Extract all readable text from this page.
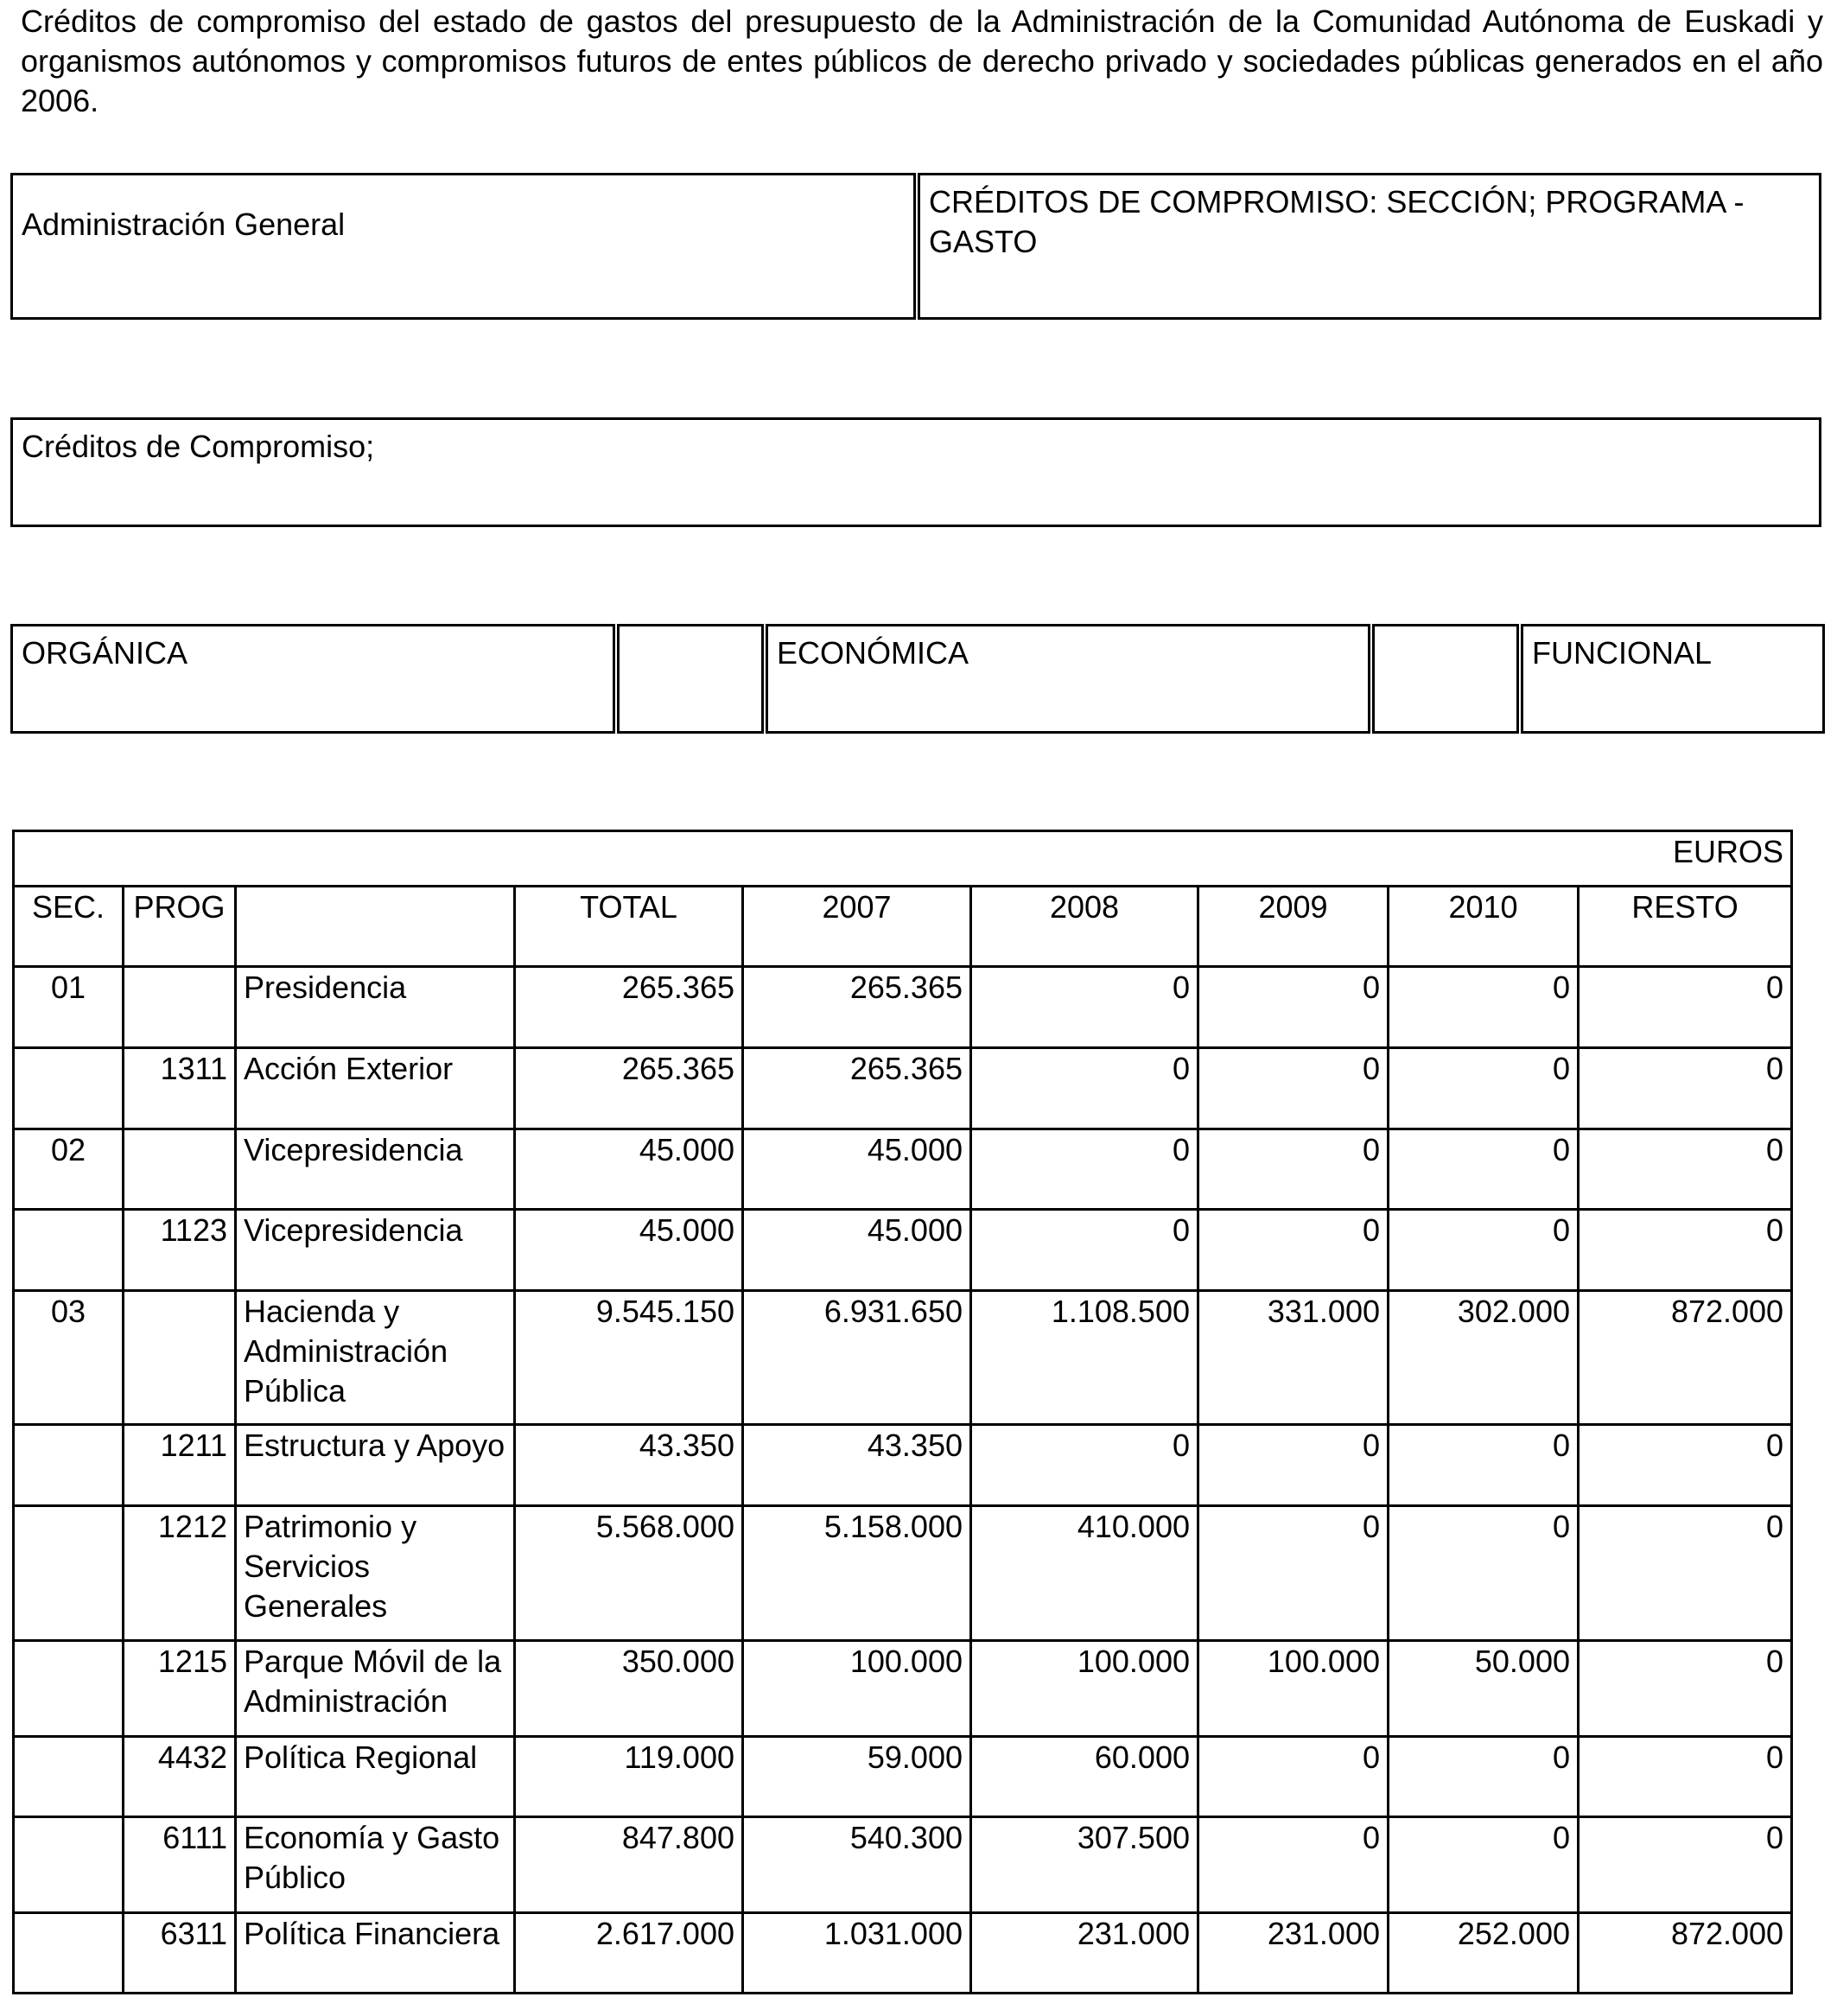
Créditos de compromiso del estado de gastos del presupuesto de la Administración de la Comunidad Autónoma de Euskadi y organismos autónomos y compromisos futuros de entes públicos de derecho privado y sociedades públicas generados en el año 2006.

Administración General
CRÉDITOS DE COMPROMISO: SECCIÓN; PROGRAMA - GASTO
Créditos de Compromiso;
ORGÁNICA	ECONÓMICA	FUNCIONAL
EUROS								
SEC.	PROG		TOTAL	2007	2008	2009	2010	RESTO
01		Presidencia	265.365	265.365	0	0	0	0
	1311	Acción Exterior	265.365	265.365	0	0	0	0
02		Vicepresidencia	45.000	45.000	0	0	0	0
	1123	Vicepresidencia	45.000	45.000	0	0	0	0
03		Hacienda y Administración Pública	9.545.150	6.931.650	1.108.500	331.000	302.000	872.000
	1211	Estructura y Apoyo	43.350	43.350	0	0	0	0
	1212	Patrimonio y Servicios Generales	5.568.000	5.158.000	410.000	0	0	0
	1215	Parque Móvil de la Administración	350.000	100.000	100.000	100.000	50.000	0
	4432	Política Regional	119.000	59.000	60.000	0	0	0
	6111	Economía y Gasto Público	847.800	540.300	307.500	0	0	0
	6311	Política Financiera	2.617.000	1.031.000	231.000	231.000	252.000	872.000
